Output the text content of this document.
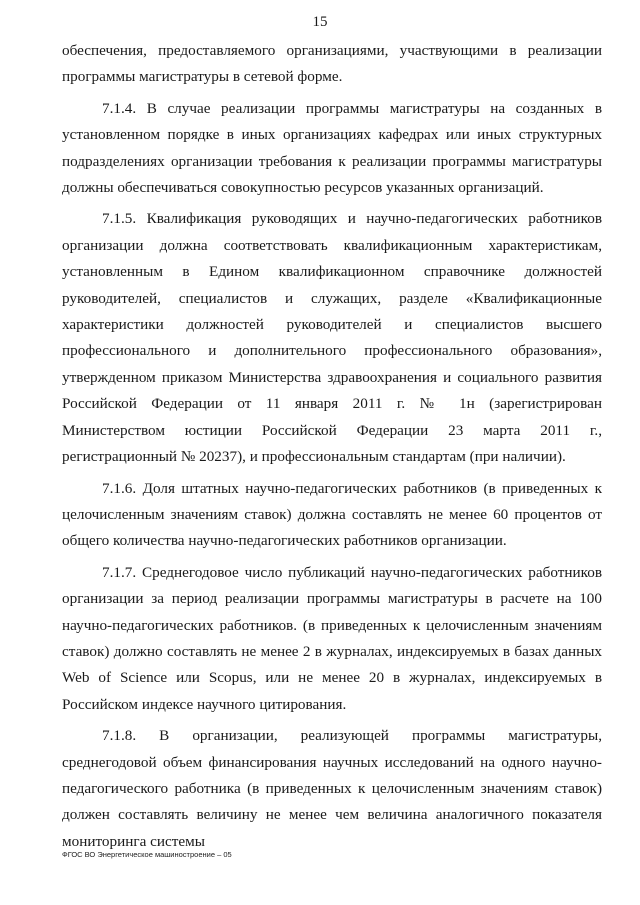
15

обеспечения, предоставляемого организациями, участвующими в реализации программы магистратуры в сетевой форме.

7.1.4. В случае реализации программы магистратуры на созданных в установленном порядке в иных организациях кафедрах или иных структурных подразделениях организации требования к реализации программы магистратуры должны обеспечиваться совокупностью ресурсов указанных организаций.

7.1.5. Квалификация руководящих и научно-педагогических работников организации должна соответствовать квалификационным характеристикам, установленным в Едином квалификационном справочнике должностей руководителей, специалистов и служащих, разделе «Квалификационные характеристики должностей руководителей и специалистов высшего профессионального и дополнительного профессионального образования», утвержденном приказом Министерства здравоохранения и социального развития Российской Федерации от 11 января 2011 г. № 1н (зарегистрирован Министерством юстиции Российской Федерации 23 марта 2011 г., регистрационный № 20237), и профессиональным стандартам (при наличии).

7.1.6. Доля штатных научно-педагогических работников (в приведенных к целочисленным значениям ставок) должна составлять не менее 60 процентов от общего количества научно-педагогических работников организации.

7.1.7. Среднегодовое число публикаций научно-педагогических работников организации за период реализации программы магистратуры в расчете на 100 научно-педагогических работников. (в приведенных к целочисленным значениям ставок) должно составлять не менее 2 в журналах, индексируемых в базах данных Web of Science или Scopus, или не менее 20 в журналах, индексируемых в Российском индексе научного цитирования.

7.1.8. В организации, реализующей программы магистратуры, среднегодовой объем финансирования научных исследований на одного научно-педагогического работника (в приведенных к целочисленным значениям ставок) должен составлять величину не менее чем величина аналогичного показателя мониторинга системы

ФГОС ВО Энергетическое машиностроение – 05
